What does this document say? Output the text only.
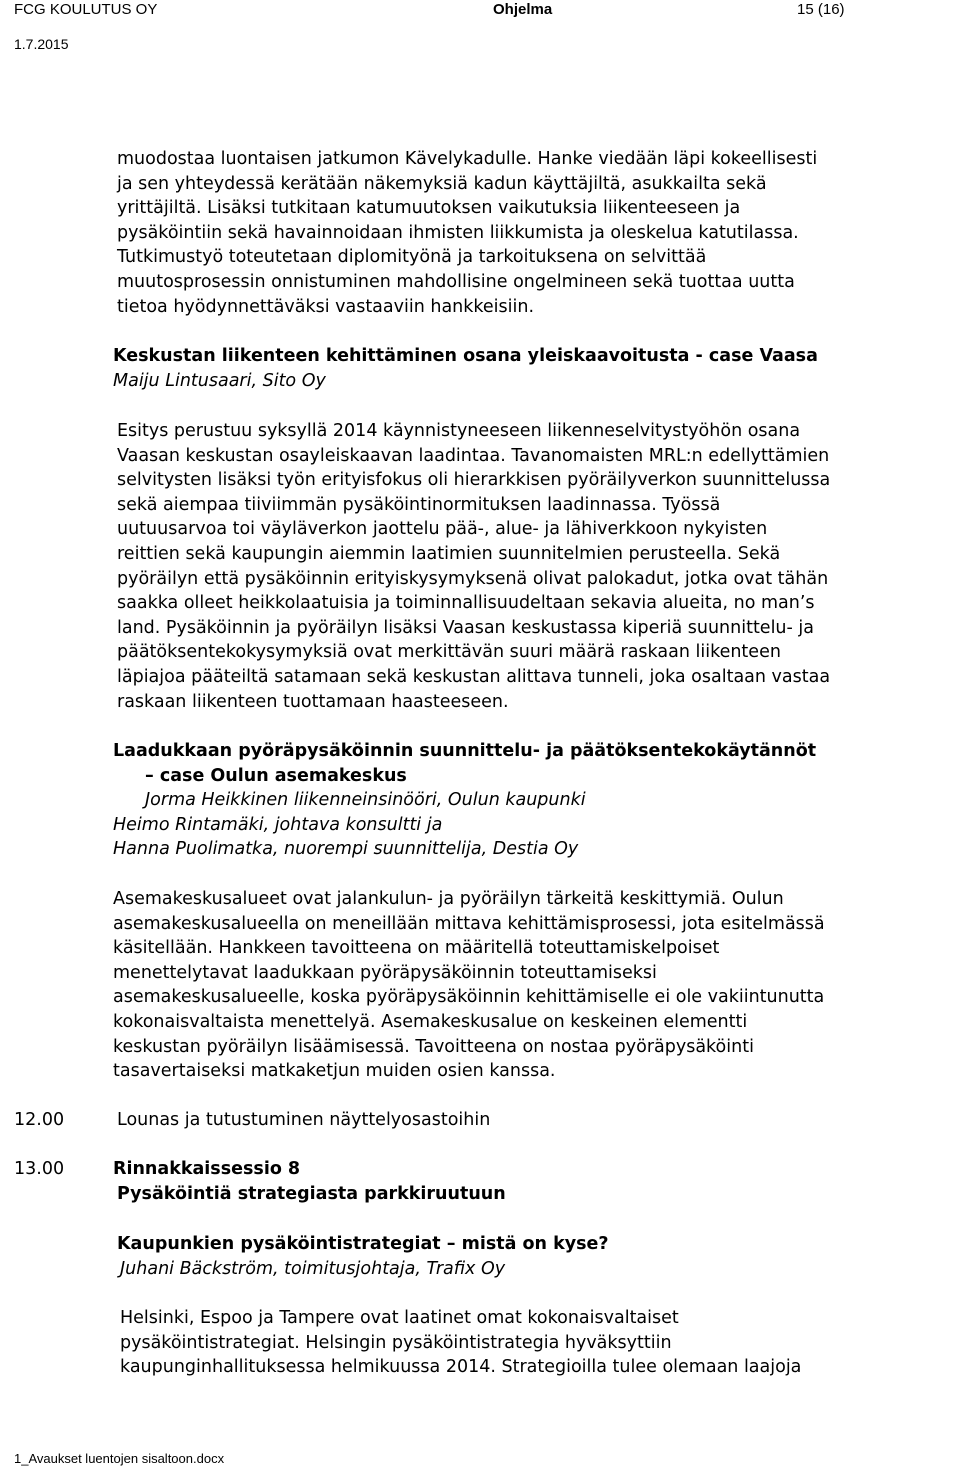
FCG KOULUTUS OY	Ohjelma	15 (16)
1.7.2015
muodostaa luontaisen jatkumon Kävelykadulle. Hanke viedään läpi kokeellisesti
ja sen yhteydessä kerätään näkemyksiä kadun käyttäjiltä, asukkailta sekä
yrittäjiltä. Lisäksi tutkitaan katumuutoksen vaikutuksia liikenteeseen ja
pysäköintiin sekä havainnoidaan ihmisten liikkumista ja oleskelua katutilassa.
Tutkimustyö toteutetaan diplomityönä ja tarkoituksena on selvittää
muutosprosessin onnistuminen mahdollisine ongelmineen sekä tuottaa uutta
tietoa hyödynnettäväksi vastaaviin hankkeisiin.
Keskustan liikenteen kehittäminen osana yleiskaavoitusta - case Vaasa
Maiju Lintusaari, Sito Oy
Esitys perustuu syksyllä 2014 käynnistyneeseen liikenneselvitystyöhön osana
Vaasan keskustan osayleiskaavan laadintaa. Tavanomaisten MRL:n edellyttämien
selvitysten lisäksi työn erityisfokus oli hierarkkisen pyöräilyverkon suunnittelussa
sekä aiempaa tiiviimmän pysäköintinormituksen laadinnassa. Työssä
uutuusarvoa toi väyläverkon jaottelu pää-, alue- ja lähiverkkoon nykyisten
reittien sekä kaupungin aiemmin laatimien suunnitelmien perusteella. Sekä
pyöräilyn että pysäköinnin erityiskysymyksenä olivat palokadut, jotka ovat tähän
saakka olleet heikkolaatuisia ja toiminnallisuudeltaan sekavia alueita, no man’s
land. Pysäköinnin ja pyöräilyn lisäksi Vaasan keskustassa kiperiä suunnittelu- ja
päätöksentekokysymyksiä ovat merkittävän suuri määrä raskaan liikenteen
läpiajoa pääteiltä satamaan sekä keskustan alittava tunneli, joka osaltaan vastaa
raskaan liikenteen tuottamaan haasteeseen.
Laadukkaan pyöräpysäköinnin suunnittelu- ja päätöksentekokäytännöt
– case Oulun asemakeskus
Jorma Heikkinen liikenneinsinööri, Oulun kaupunki
Heimo Rintamäki, johtava konsultti ja
Hanna Puolimatka, nuorempi suunnittelija, Destia Oy
Asemakeskusalueet ovat jalankulun- ja pyöräilyn tärkeitä keskittymiä. Oulun
asemakeskusalueella on meneillään mittava kehittämisprosessi, jota esitelmässä
käsitellään. Hankkeen tavoitteena on määritellä toteuttamiskelpoiset
menettelytavat laadukkaan pyöräpysäköinnin toteuttamiseksi
asemakeskusalueelle, koska pyöräpysäköinnin kehittämiselle ei ole vakiintunutta
kokonaisvaltaista menettelyä. Asemakeskusalue on keskeinen elementti
keskustan pyöräilyn lisäämisessä. Tavoitteena on nostaa pyöräpysäköinti
tasavertaiseksi matkaketjun muiden osien kanssa.
12.00	Lounas ja tutustuminen näyttelyosastoihin
13.00	Rinnakkaissessio 8
Pysäköintiä strategiasta parkkiruutuun
Kaupunkien pysäköintistrategiat – mistä on kyse?
Juhani Bäckström, toimitusjohtaja, Trafix Oy
Helsinki, Espoo ja Tampere ovat laatinet omat kokonaisvaltaiset
pysäköintistrategiat. Helsingin pysäköintistrategia hyväksyttiin
kaupunginhallituksessa helmikuussa 2014. Strategioilla tulee olemaan laajoja
1_Avaukset luentojen sisaltoon.docx
